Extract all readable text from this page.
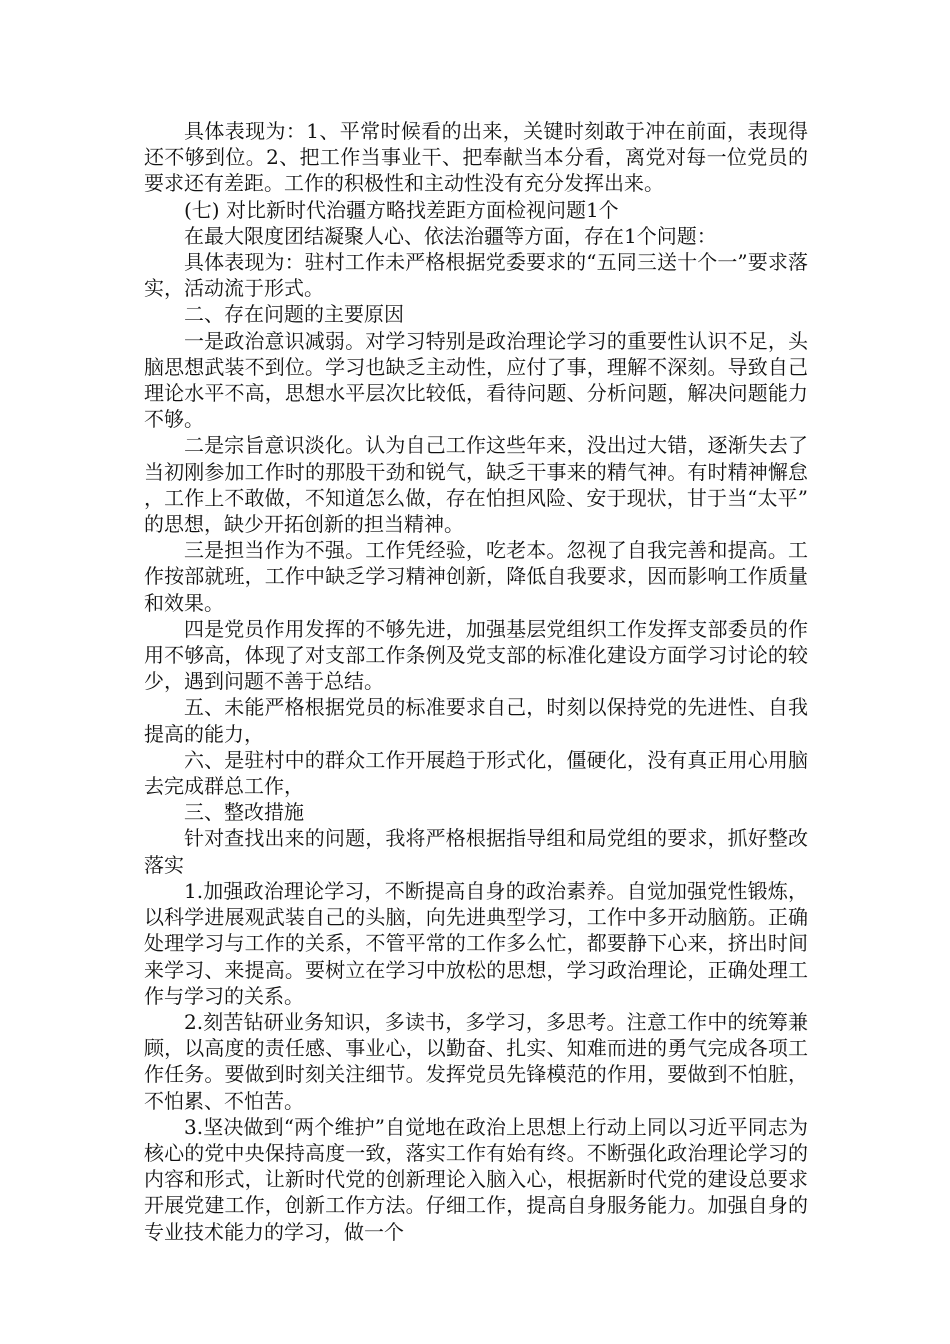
具体表现为：1、平常时候看的出来，关键时刻敢于冲在前面，表现得还不够到位。2、把工作当事业干、把奉献当本分看，离党对每一位党员的要求还有差距。工作的积极性和主动性没有充分发挥出来。

(七) 对比新时代治疆方略找差距方面检视问题1个

在最大限度团结凝聚人心、依法治疆等方面，存在1个问题：

具体表现为：驻村工作未严格根据党委要求的“五同三送十个一”要求落实，活动流于形式。

二、存在问题的主要原因

一是政治意识减弱。对学习特别是政治理论学习的重要性认识不足，头脑思想武装不到位。学习也缺乏主动性，应付了事，理解不深刻。导致自己理论水平不高，思想水平层次比较低，看待问题、分析问题，解决问题能力不够。

二是宗旨意识淡化。认为自己工作这些年来，没出过大错，逐渐失去了当初刚参加工作时的那股干劲和锐气，缺乏干事来的精气神。有时精神懈怠，工作上不敢做，不知道怎么做，存在怕担风险、安于现状，甘于当“太平”的思想，缺少开拓创新的担当精神。

三是担当作为不强。工作凭经验，吃老本。忽视了自我完善和提高。工作按部就班，工作中缺乏学习精神创新，降低自我要求，因而影响工作质量和效果。

四是党员作用发挥的不够先进，加强基层党组织工作发挥支部委员的作用不够高，体现了对支部工作条例及党支部的标准化建设方面学习讨论的较少，遇到问题不善于总结。

五、未能严格根据党员的标准要求自己，时刻以保持党的先进性、自我提高的能力，

六、是驻村中的群众工作开展趋于形式化，僵硬化，没有真正用心用脑去完成群总工作，

三、整改措施

针对查找出来的问题，我将严格根据指导组和局党组的要求，抓好整改落实

1.加强政治理论学习，不断提高自身的政治素养。自觉加强党性锻炼，以科学进展观武装自己的头脑，向先进典型学习，工作中多开动脑筋。正确处理学习与工作的关系，不管平常的工作多么忙，都要静下心来，挤出时间来学习、来提高。要树立在学习中放松的思想，学习政治理论，正确处理工作与学习的关系。

2.刻苦钻研业务知识，多读书，多学习，多思考。注意工作中的统筹兼顾，以高度的责任感、事业心，以勤奋、扎实、知难而进的勇气完成各项工作任务。要做到时刻关注细节。发挥党员先锋模范的作用，要做到不怕脏，不怕累、不怕苦。

3.坚决做到“两个维护”自觉地在政治上思想上行动上同以习近平同志为核心的党中央保持高度一致，落实工作有始有终。不断强化政治理论学习的内容和形式，让新时代党的创新理论入脑入心，根据新时代党的建设总要求开展党建工作，创新工作方法。仔细工作，提高自身服务能力。加强自身的专业技术能力的学习，做一个
